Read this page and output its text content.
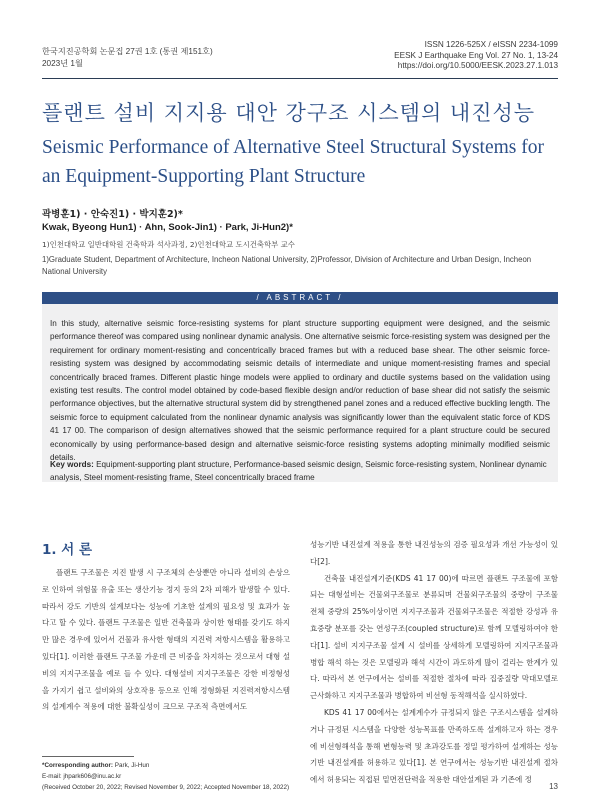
한국지진공학회 논문집 27권 1호 (통권 제151호)
2023년 1월
ISSN 1226-525X / eISSN 2234-1099
EESK J Earthquake Eng Vol. 27 No. 1, 13-24
https://doi.org/10.5000/EESK.2023.27.1.013
플랜트 설비 지지용 대안 강구조 시스템의 내진성능
Seismic Performance of Alternative Steel Structural Systems for an Equipment-Supporting Plant Structure
곽병훈1) · 안숙진1) · 박지훈2)*
Kwak, Byeong Hun1) · Ahn, Sook-Jin1) · Park, Ji-Hun2)*
1)인천대학교 일반대학원 건축학과 석사과정, 2)인천대학교 도시건축학부 교수
1)Graduate Student, Department of Architecture, Incheon National University, 2)Professor, Division of Architecture and Urban Design, Incheon National University
/ ABSTRACT /
In this study, alternative seismic force-resisting systems for plant structure supporting equipment were designed, and the seismic performance thereof was compared using nonlinear dynamic analysis. One alternative seismic force-resisting system was designed per the requirement for ordinary moment-resisting and concentrically braced frames but with a reduced base shear. The other seismic force-resisting system was designed by accommodating seismic details of intermediate and unique moment-resisting frames and special concentrically braced frames. Different plastic hinge models were applied to ordinary and ductile systems based on the validation using existing test results. The control model obtained by code-based flexible design and/or reduction of base shear did not satisfy the seismic performance objectives, but the alternative structural system did by strengthened panel zones and a reduced effective buckling length. The seismic force to equipment calculated from the nonlinear dynamic analysis was significantly lower than the equivalent static force of KDS 41 17 00. The comparison of design alternatives showed that the seismic performance required for a plant structure could be secured economically by using performance-based design and alternative seismic-force resisting systems adopting minimally modified seismic details.
Key words: Equipment-supporting plant structure, Performance-based seismic design, Seismic force-resisting system, Nonlinear dynamic analysis, Steel moment-resisting frame, Steel concentrically braced frame
1. 서 론

플랜트 구조물은 지진 발생 시 구조체의 손상뿐만 아니라 설비의 손상으로 인하여 위험물 유출 또는 생산기능 정지 등의 2차 피해가 발생할 수 있다. 따라서 강도 기반의 설계보다는 성능에 기초한 설계의 필요성 및 효과가 높다고 할 수 있다. 플랜트 구조물은 일반 건축물과 상이한 형태를 갖기도 하지만 많은 경우에 있어서 건물과 유사한 형태의 지진력 저항시스템을 활용하고 있다[1]. 이러한 플랜트 구조물 가운데 큰 비중을 차지하는 것으로서 대형 설비의 지지구조물을 예로 들 수 있다. 대형설비 지지구조물은 강한 비정형성을 가지기 쉽고 설비와의 상호작용 등으로 인해 정형화된 지진력저항시스템의 설계계수 적용에 대한 불확실성이 크므로 구조적 측면에서도

성능기반 내진설계 적용을 통한 내진성능의 검증 필요성과 개선 가능성이 있다[2].

건축물 내진설계기준(KDS 41 17 00)에 따르면 플랜트 구조물에 포함되는 대형설비는 건물외구조물로 분류되며 건물외구조물의 중량이 구조물 전체 중량의 25%이상이면 지지구조물과 건물외구조물은 적절한 강성과 유효중량 분포를 갖는 연성구조(coupled structure)로 함께 모델링하여야 한다[1]. 설비 지지구조물 설계 시 설비를 상세하게 모델링하여 지지구조물과 병합 해석 하는 것은 모델링과 해석 시간이 과도하게 많이 걸리는 한계가 있다. 따라서 본 연구에서는 설비를 적절한 절차에 따라 집중질량 막대모델로 근사화하고 지지구조물과 병합하여 비선형 동적해석을 실시하였다.

KDS 41 17 00에서는 설계계수가 규정되지 않은 구조시스템을 설계하거나 규정된 시스템을 다양한 성능목표를 만족하도록 설계하고자 하는 경우에 비선형해석을 통해 변형능력 및 초과강도를 정밀 평가하여 설계하는 성능기반 내진설계를 허용하고 있다[1]. 본 연구에서는 성능기반 내진설계 절차에서 허용되는 직접된 밑면전단력을 적용한 대안설계된 과 기존에 정

*Corresponding author: Park, Ji-Hun
E-mail: jhpark606@inu.ac.kr
(Received October 20, 2022; Revised November 9, 2022; Accepted November 18, 2022)	13
